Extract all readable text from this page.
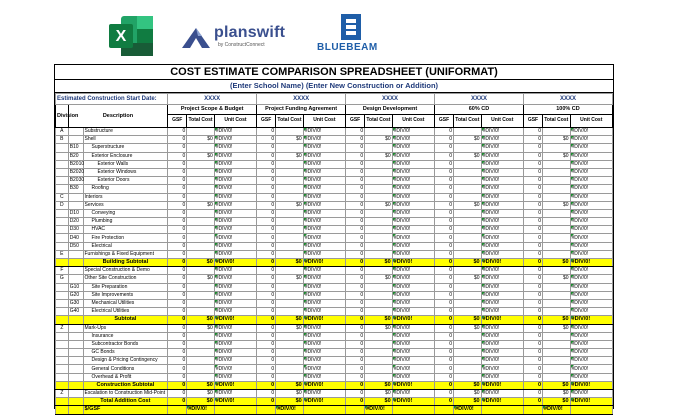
X	planswift
by ConstructConnect	BLUEBEAM
COST ESTIMATE COMPARISON SPREADSHEET (UNIFORMAT)
(Enter School Name) (Enter New Construction or Addition)
Estimated Construction Start Date:			XXXX			XXXX			XXXX			XXXX			XXXX		
Division	Description		Project Scope & Budget			Project Funding Agreement			Design Development			60% CD			100% CD		
			GSF	Total Cost	Unit Cost	GSF	Total Cost	Unit Cost	GSF	Total Cost	Unit Cost	GSF	Total Cost	Unit Cost	GSF	Total Cost	Unit Cost
A		Substructure	0		#DIV/0!	0		#DIV/0!	0		#DIV/0!	0		#DIV/0!	0		#DIV/0!
B		Shell	0	$0	#DIV/0!	0	$0	#DIV/0!	0	$0	#DIV/0!	0	$0	#DIV/0!	0	$0	#DIV/0!
	B10	Superstructure	0		#DIV/0!	0		#DIV/0!	0		#DIV/0!	0		#DIV/0!	0		#DIV/0!
	B20	Exterior Enclosure	0	$0	#DIV/0!	0	$0	#DIV/0!	0	$0	#DIV/0!	0	$0	#DIV/0!	0	$0	#DIV/0!
	B2010	Exterior Walls	0		#DIV/0!	0		#DIV/0!	0		#DIV/0!	0		#DIV/0!	0		#DIV/0!
	B2020	Exterior Windows	0		#DIV/0!	0		#DIV/0!	0		#DIV/0!	0		#DIV/0!	0		#DIV/0!
	B2030	Exterior Doors	0		#DIV/0!	0		#DIV/0!	0		#DIV/0!	0		#DIV/0!	0		#DIV/0!
	B30	Roofing	0		#DIV/0!	0		#DIV/0!	0		#DIV/0!	0		#DIV/0!	0		#DIV/0!
C		Interiors	0		#DIV/0!	0		#DIV/0!	0		#DIV/0!	0		#DIV/0!	0		#DIV/0!
D		Services	0	$0	#DIV/0!	0	$0	#DIV/0!	0	$0	#DIV/0!	0	$0	#DIV/0!	0	$0	#DIV/0!
	D10	Conveying	0		#DIV/0!	0		#DIV/0!	0		#DIV/0!	0		#DIV/0!	0		#DIV/0!
	D20	Plumbing	0		#DIV/0!	0		#DIV/0!	0		#DIV/0!	0		#DIV/0!	0		#DIV/0!
	D30	HVAC	0		#DIV/0!	0		#DIV/0!	0		#DIV/0!	0		#DIV/0!	0		#DIV/0!
	D40	Fire Protection	0		#DIV/0!	0		#DIV/0!	0		#DIV/0!	0		#DIV/0!	0		#DIV/0!
	D50	Electrical	0		#DIV/0!	0		#DIV/0!	0		#DIV/0!	0		#DIV/0!	0		#DIV/0!
E		Furnishings & Fixed Equipment	0		#DIV/0!	0		#DIV/0!	0		#DIV/0!	0		#DIV/0!	0		#DIV/0!
		Building Subtotal	0	$0	#DIV/0!	0	$0	#DIV/0!	0	$0	#DIV/0!	0	$0	#DIV/0!	0	$0	#DIV/0!
F		Special Construction & Demo	0		#DIV/0!	0		#DIV/0!	0		#DIV/0!	0		#DIV/0!	0		#DIV/0!
G		Other Site Construction	0	$0	#DIV/0!	0	$0	#DIV/0!	0	$0	#DIV/0!	0	$0	#DIV/0!	0	$0	#DIV/0!
	G10	Site Preparation	0		#DIV/0!	0		#DIV/0!	0		#DIV/0!	0		#DIV/0!	0		#DIV/0!
	G20	Site Improvements	0		#DIV/0!	0		#DIV/0!	0		#DIV/0!	0		#DIV/0!	0		#DIV/0!
	G30	Mechanical Utilities	0		#DIV/0!	0		#DIV/0!	0		#DIV/0!	0		#DIV/0!	0		#DIV/0!
	G40	Electrical Utilities	0		#DIV/0!	0		#DIV/0!	0		#DIV/0!	0		#DIV/0!	0		#DIV/0!
		Subtotal	0	$0	#DIV/0!	0	$0	#DIV/0!	0	$0	#DIV/0!	0	$0	#DIV/0!	0	$0	#DIV/0!
Z		Mark-Ups	0	$0	#DIV/0!	0	$0	#DIV/0!	0	$0	#DIV/0!	0	$0	#DIV/0!	0	$0	#DIV/0!
		Insurance	0		#DIV/0!	0		#DIV/0!	0		#DIV/0!	0		#DIV/0!	0		#DIV/0!
		Subcontractor Bonds	0		#DIV/0!	0		#DIV/0!	0		#DIV/0!	0		#DIV/0!	0		#DIV/0!
		GC Bonds	0		#DIV/0!	0		#DIV/0!	0		#DIV/0!	0		#DIV/0!	0		#DIV/0!
		Design & Pricing Contingency	0		#DIV/0!	0		#DIV/0!	0		#DIV/0!	0		#DIV/0!	0		#DIV/0!
		General Conditions	0		#DIV/0!	0		#DIV/0!	0		#DIV/0!	0		#DIV/0!	0		#DIV/0!
		Overhead & Profit	0		#DIV/0!	0		#DIV/0!	0		#DIV/0!	0		#DIV/0!	0		#DIV/0!
		Construction Subtotal	0	$0	#DIV/0!	0	$0	#DIV/0!	0	$0	#DIV/0!	0	$0	#DIV/0!	0	$0	#DIV/0!
Z		Escalation to Construction Mid-Point	0	$0	#DIV/0!	0	$0	#DIV/0!	0	$0	#DIV/0!	0	$0	#DIV/0!	0	$0	#DIV/0!
		Total Addition Cost	0	$0	#DIV/0!	0	$0	#DIV/0!	0	$0	#DIV/0!	0	$0	#DIV/0!	0	$0	#DIV/0!
		$/GSF		#DIV/0!			#DIV/0!			#DIV/0!			#DIV/0!			#DIV/0!	
